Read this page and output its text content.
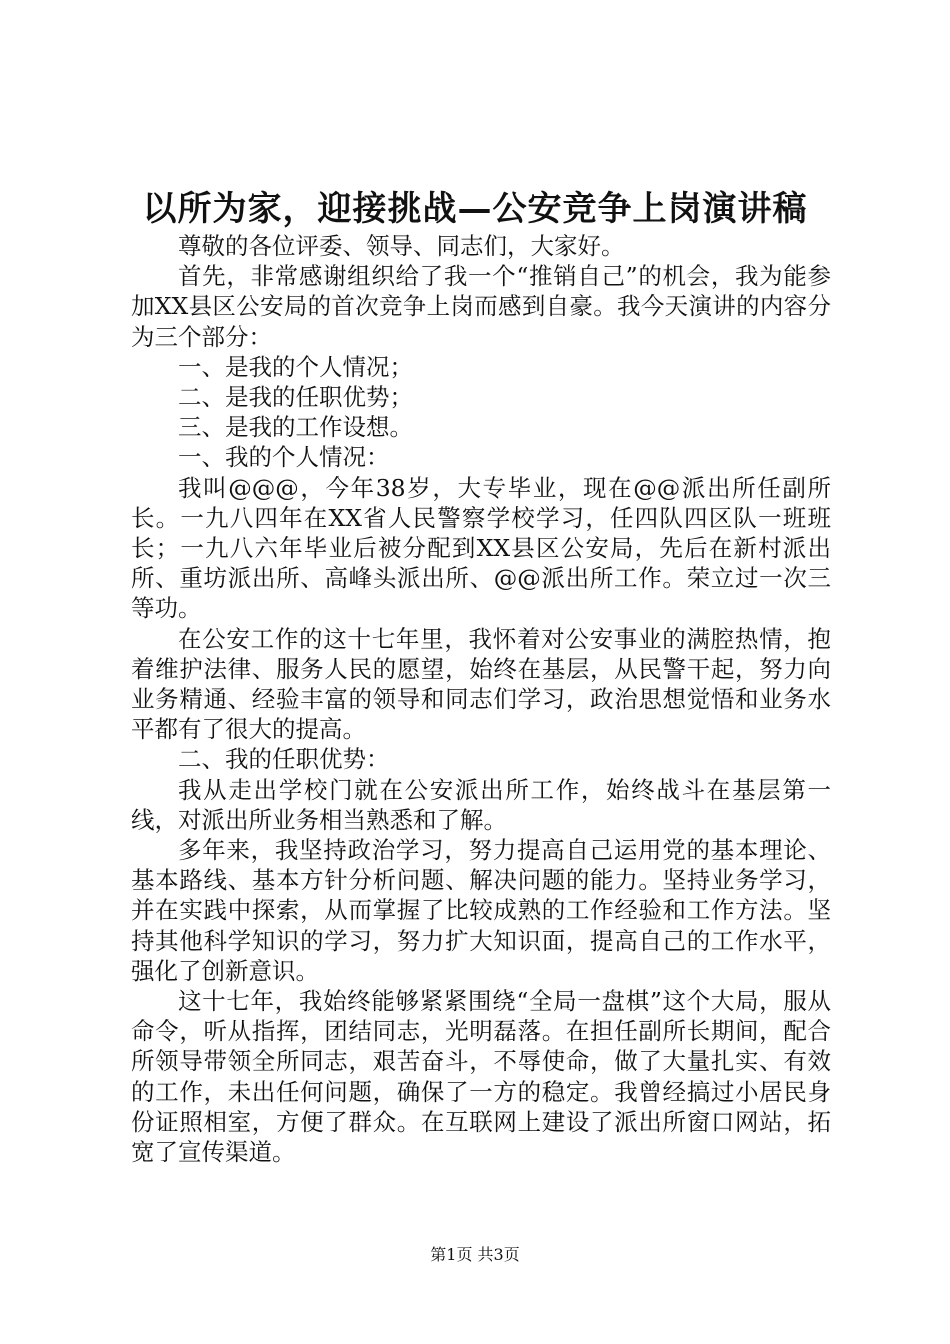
以所为家，迎接挑战—公安竞争上岗演讲稿

尊敬的各位评委、领导、同志们，大家好。

首先，非常感谢组织给了我一个“推销自己”的机会，我为能参加XX县区公安局的首次竞争上岗而感到自豪。我今天演讲的内容分为三个部分：

一、是我的个人情况；

二、是我的任职优势；

三、是我的工作设想。

一、我的个人情况：

我叫@@@，今年38岁，大专毕业，现在@@派出所任副所长。一九八四年在XX省人民警察学校学习，任四队四区队一班班长；一九八六年毕业后被分配到XX县区公安局，先后在新村派出所、重坊派出所、高峰头派出所、@@派出所工作。荣立过一次三等功。

在公安工作的这十七年里，我怀着对公安事业的满腔热情，抱着维护法律、服务人民的愿望，始终在基层，从民警干起，努力向业务精通、经验丰富的领导和同志们学习，政治思想觉悟和业务水平都有了很大的提高。

二、我的任职优势：

我从走出学校门就在公安派出所工作，始终战斗在基层第一线，对派出所业务相当熟悉和了解。

多年来，我坚持政治学习，努力提高自己运用党的基本理论、基本路线、基本方针分析问题、解决问题的能力。坚持业务学习，并在实践中探索，从而掌握了比较成熟的工作经验和工作方法。坚持其他科学知识的学习，努力扩大知识面，提高自己的工作水平，强化了创新意识。

这十七年，我始终能够紧紧围绕“全局一盘棋”这个大局，服从命令，听从指挥，团结同志，光明磊落。在担任副所长期间，配合所领导带领全所同志，艰苦奋斗，不辱使命，做了大量扎实、有效的工作，未出任何问题，确保了一方的稳定。我曾经搞过小居民身份证照相室，方便了群众。在互联网上建设了派出所窗口网站，拓宽了宣传渠道。

第1页 共3页
